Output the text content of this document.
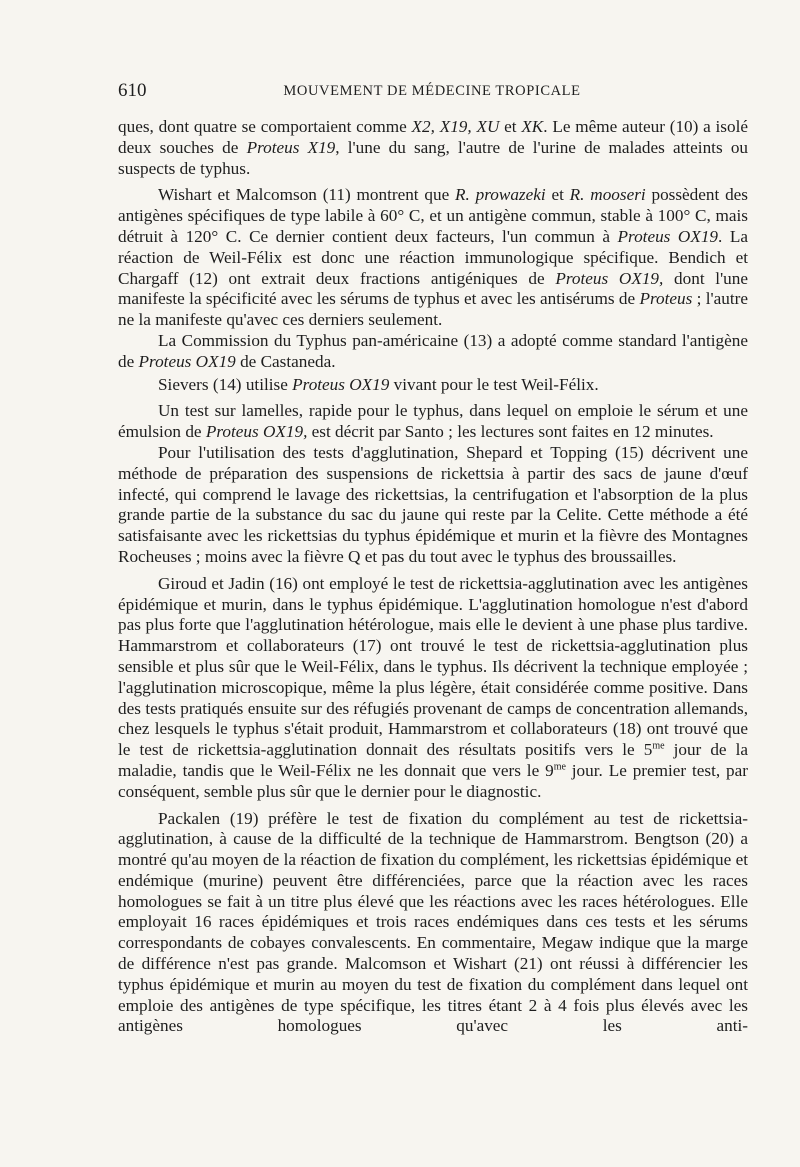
610	MOUVEMENT DE MÉDECINE TROPICALE

ques, dont quatre se comportaient comme X2, X19, XU et XK. Le même auteur (10) a isolé deux souches de Proteus X19, l'une du sang, l'autre de l'urine de malades atteints ou suspects de typhus.

Wishart et Malcomson (11) montrent que R. prowazeki et R. mooseri possèdent des antigènes spécifiques de type labile à 60° C, et un antigène commun, stable à 100° C, mais détruit à 120° C. Ce dernier contient deux facteurs, l'un commun à Proteus OX19. La réaction de Weil-Félix est donc une réaction immunologique spécifique. Bendich et Chargaff (12) ont extrait deux fractions antigéniques de Proteus OX19, dont l'une manifeste la spécificité avec les sérums de typhus et avec les antisérums de Proteus ; l'autre ne la manifeste qu'avec ces derniers seulement.

La Commission du Typhus pan-américaine (13) a adopté comme standard l'antigène de Proteus OX19 de Castaneda.

Sievers (14) utilise Proteus OX19 vivant pour le test Weil-Félix.

Un test sur lamelles, rapide pour le typhus, dans lequel on emploie le sérum et une émulsion de Proteus OX19, est décrit par Santo ; les lectures sont faites en 12 minutes.

Pour l'utilisation des tests d'agglutination, Shepard et Topping (15) décrivent une méthode de préparation des suspensions de rickettsia à partir des sacs de jaune d'œuf infecté, qui comprend le lavage des rickettsias, la centrifugation et l'absorption de la plus grande partie de la substance du sac du jaune qui reste par la Celite. Cette méthode a été satisfaisante avec les rickettsias du typhus épidémique et murin et la fièvre des Montagnes Rocheuses ; moins avec la fièvre Q et pas du tout avec le typhus des broussailles.

Giroud et Jadin (16) ont employé le test de rickettsia-agglutination avec les antigènes épidémique et murin, dans le typhus épidémique. L'agglutination homologue n'est d'abord pas plus forte que l'agglutination hétérologue, mais elle le devient à une phase plus tardive. Hammarstrom et collaborateurs (17) ont trouvé le test de rickettsia-agglutination plus sensible et plus sûr que le Weil-Félix, dans le typhus. Ils décrivent la technique employée ; l'agglutination microscopique, même la plus légère, était considérée comme positive. Dans des tests pratiqués ensuite sur des réfugiés provenant de camps de concentration allemands, chez lesquels le typhus s'était produit, Hammarstrom et collaborateurs (18) ont trouvé que le test de rickettsia-agglutination donnait des résultats positifs vers le $5^{me}$ jour de la maladie, tandis que le Weil-Félix ne les donnait que vers le $9^{me}$ jour. Le premier test, par conséquent, semble plus sûr que le dernier pour le diagnostic.

Packalen (19) préfère le test de fixation du complément au test de rickettsia-agglutination, à cause de la difficulté de la technique de Hammarstrom. Bengtson (20) a montré qu'au moyen de la réaction de fixation du complément, les rickettsias épidémique et endémique (murine) peuvent être différenciées, parce que la réaction avec les races homologues se fait à un titre plus élevé que les réactions avec les races hétérologues. Elle employait 16 races épidémiques et trois races endémiques dans ces tests et les sérums correspondants de cobayes convalescents. En commentaire, Megaw indique que la marge de différence n'est pas grande. Malcomson et Wishart (21) ont réussi à différencier les typhus épidémique et murin au moyen du test de fixation du complément dans lequel ont emploie des antigènes de type spécifique, les titres étant 2 à 4 fois plus élevés avec les antigènes homologues qu'avec les anti-
